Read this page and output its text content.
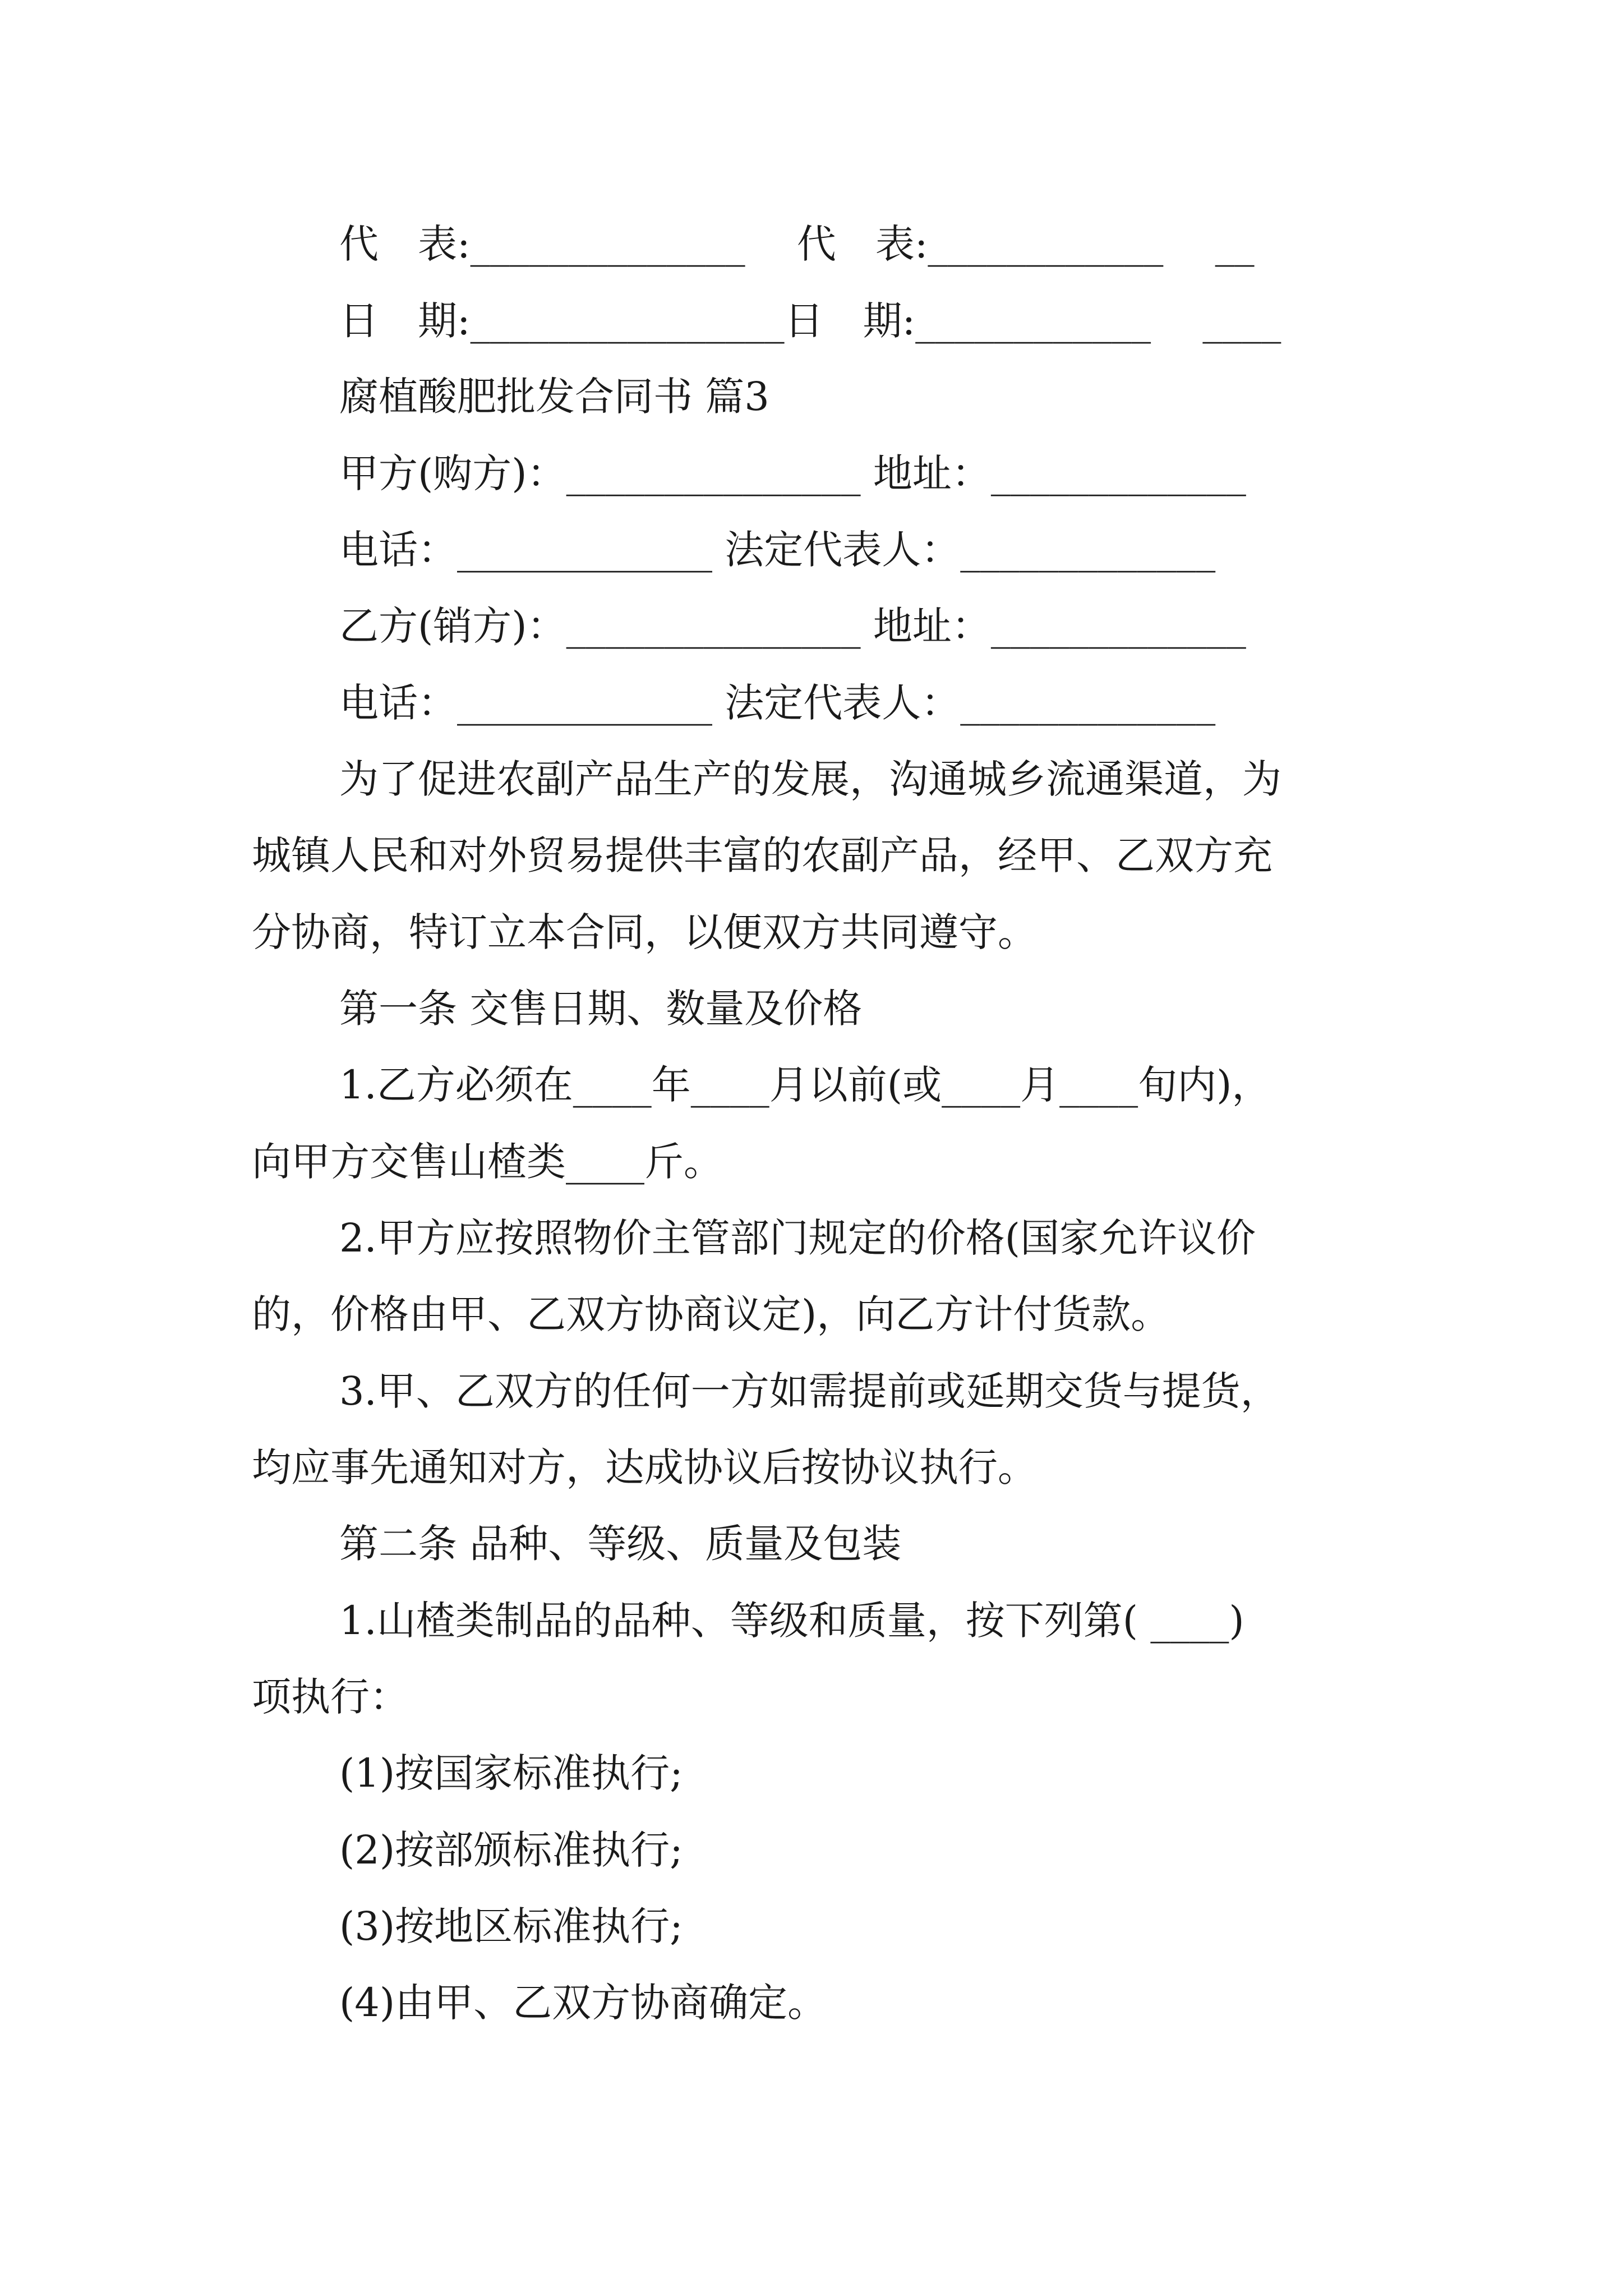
代　表:______________　 代　表:____________　 __

日　期:________________日　期:____________　 ____

腐植酸肥批发合同书 篇3

甲方(购方)：_______________ 地址：_____________

电话：_____________ 法定代表人：_____________

乙方(销方)：_______________ 地址：_____________

电话：_____________ 法定代表人：_____________

为了促进农副产品生产的发展，沟通城乡流通渠道，为

城镇人民和对外贸易提供丰富的农副产品，经甲、乙双方充

分协商，特订立本合同，以便双方共同遵守。

第一条 交售日期、数量及价格

1.乙方必须在____年____月以前(或____月____旬内)，

向甲方交售山楂类____斤。

2.甲方应按照物价主管部门规定的价格(国家允许议价

的，价格由甲、乙双方协商议定)，向乙方计付货款。

3.甲、乙双方的任何一方如需提前或延期交货与提货，

均应事先通知对方，达成协议后按协议执行。

第二条 品种、等级、质量及包装

1.山楂类制品的品种、等级和质量，按下列第( ____)

项执行：

(1)按国家标准执行;

(2)按部颁标准执行;

(3)按地区标准执行;

(4)由甲、乙双方协商确定。
